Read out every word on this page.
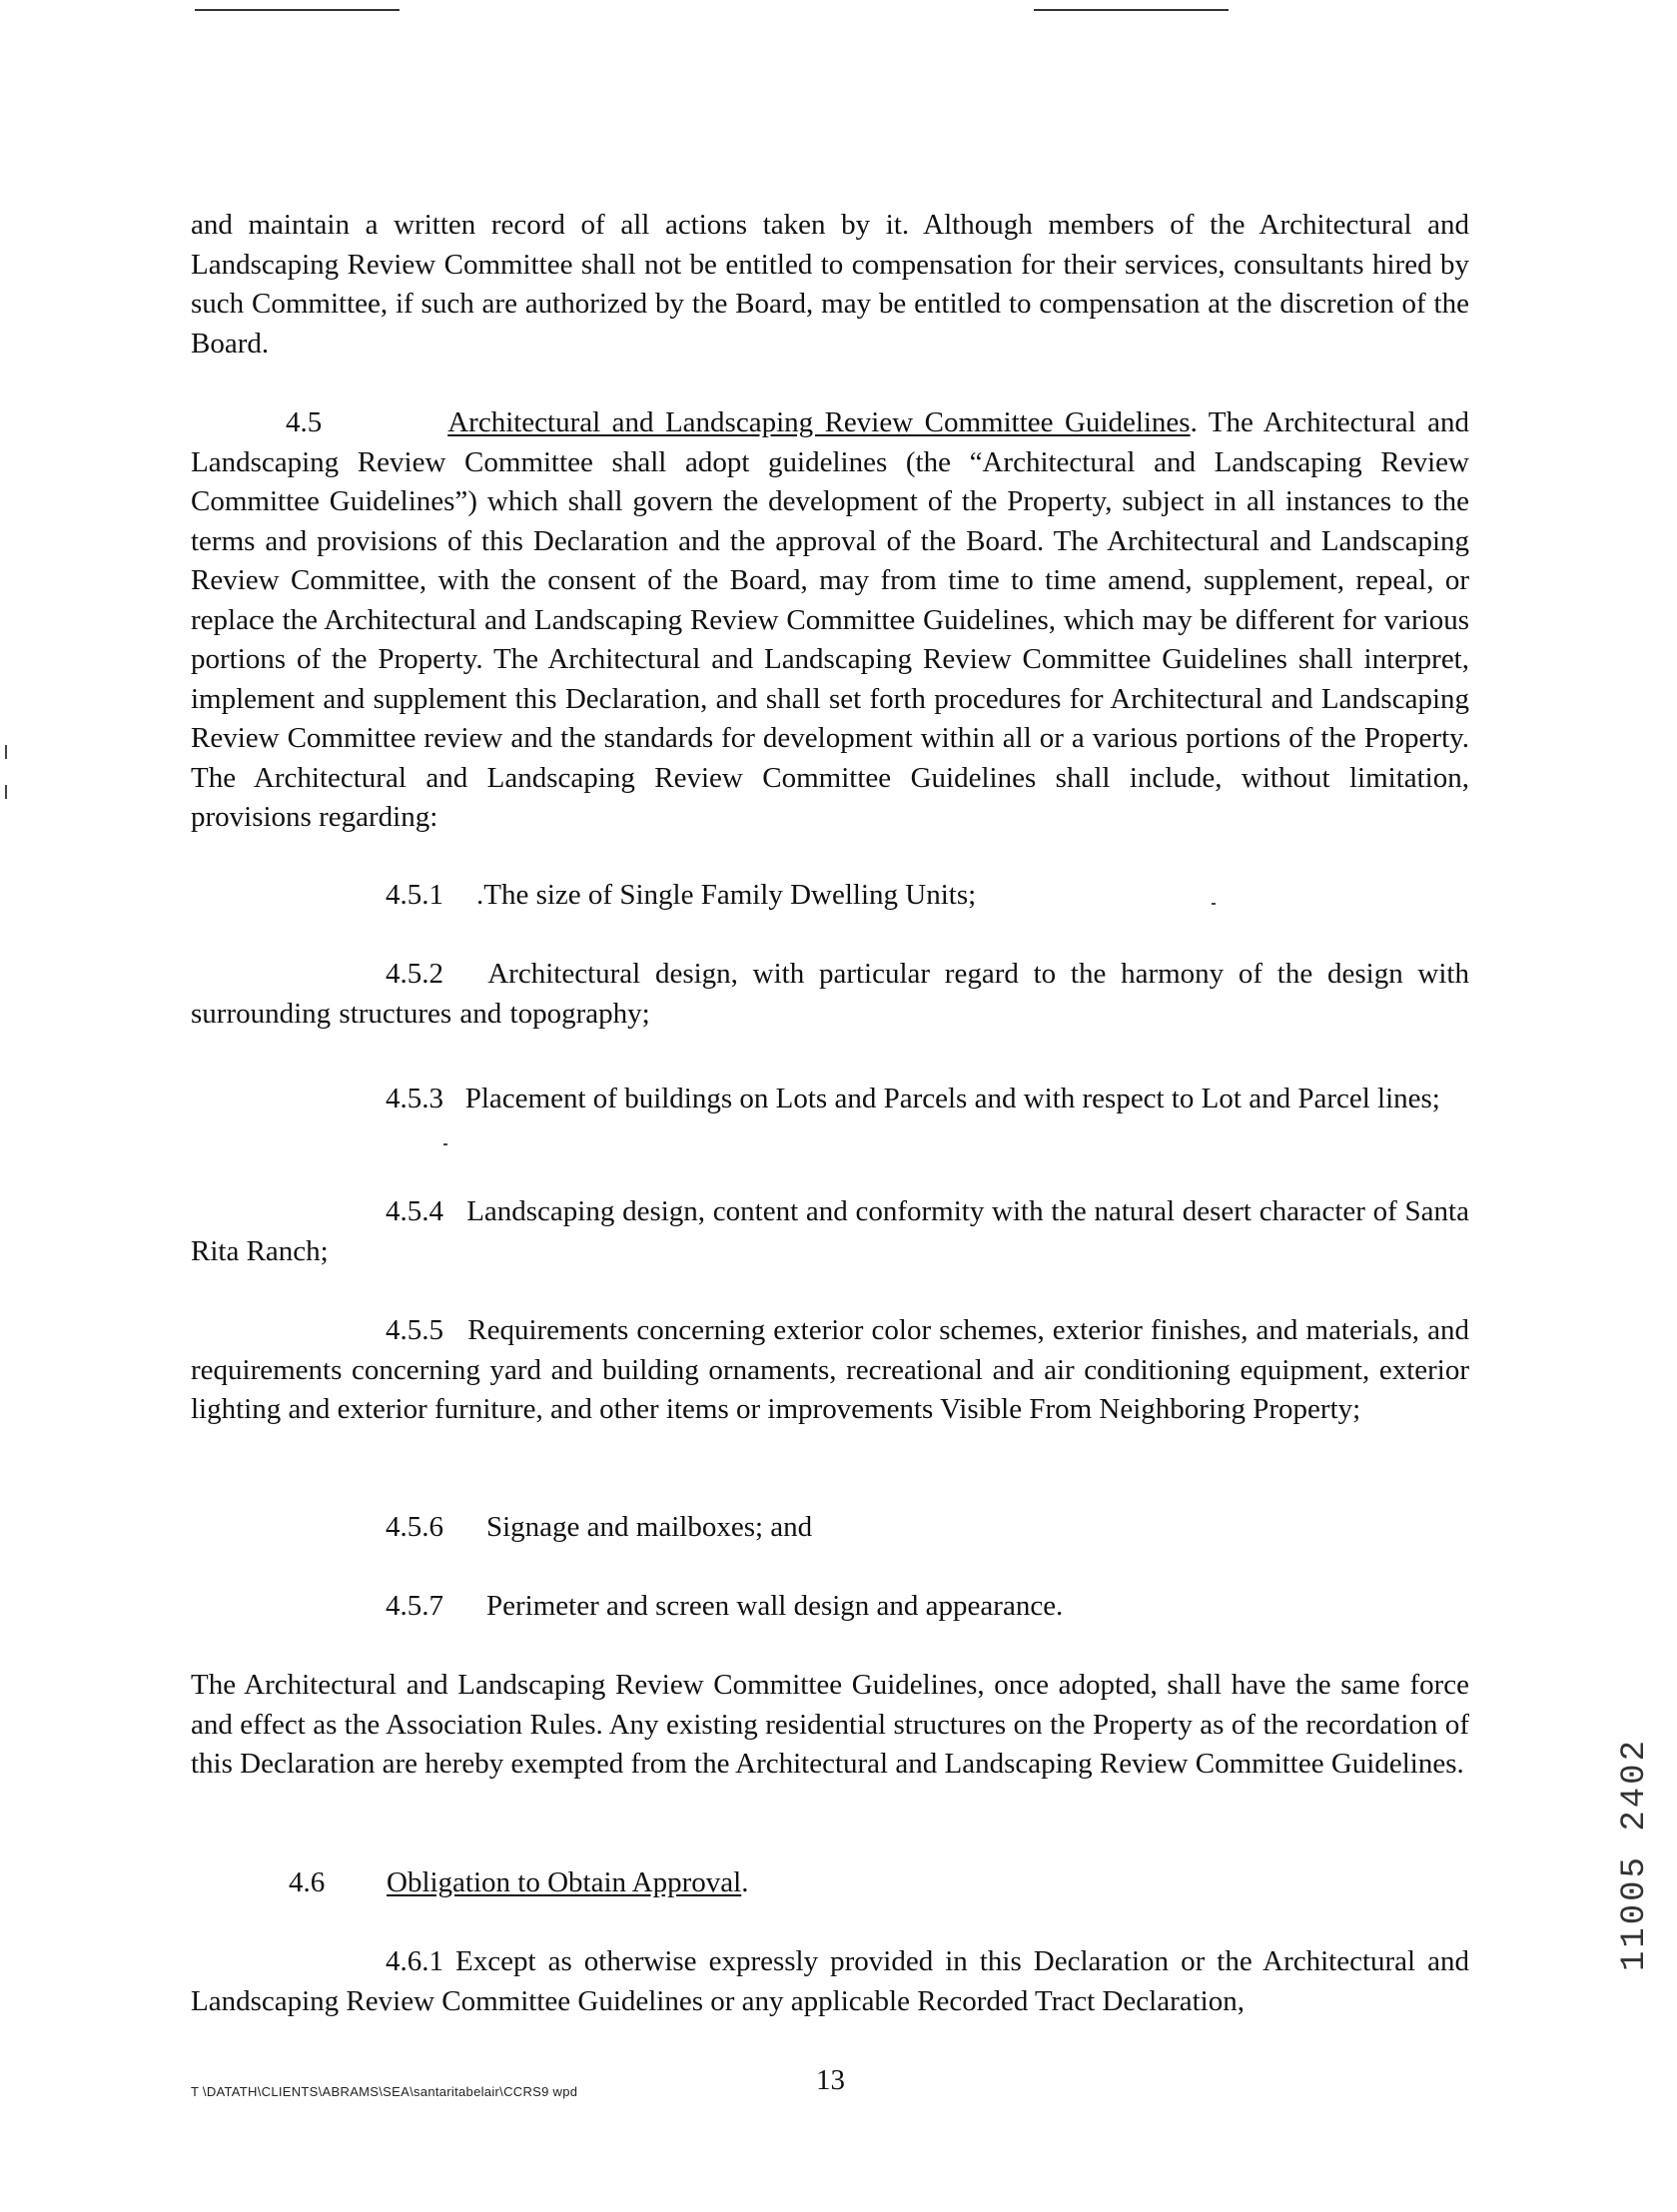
and maintain a written record of all actions taken by it. Although members of the Architectural and Landscaping Review Committee shall not be entitled to compensation for their services, consultants hired by such Committee, if such are authorized by the Board, may be entitled to compensation at the discretion of the Board.

4.5	Architectural and Landscaping Review Committee Guidelines. The Architectural and Landscaping Review Committee shall adopt guidelines (the “Architectural and Landscaping Review Committee Guidelines”) which shall govern the development of the Property, subject in all instances to the terms and provisions of this Declaration and the approval of the Board. The Architectural and Landscaping Review Committee, with the consent of the Board, may from time to time amend, supplement, repeal, or replace the Architectural and Landscaping Review Committee Guidelines, which may be different for various portions of the Property. The Architectural and Landscaping Review Committee Guidelines shall interpret, implement and supplement this Declaration, and shall set forth procedures for Architectural and Landscaping Review Committee review and the standards for development within all or a various portions of the Property. The Architectural and Landscaping Review Committee Guidelines shall include, without limitation, provisions regarding:

4.5.1 .The size of Single Family Dwelling Units;

4.5.2 Architectural design, with particular regard to the harmony of the design with surrounding structures and topography;

4.5.3 Placement of buildings on Lots and Parcels and with respect to Lot and Parcel lines;

4.5.4 Landscaping design, content and conformity with the natural desert character of Santa Rita Ranch;

4.5.5 Requirements concerning exterior color schemes, exterior finishes, and materials, and requirements concerning yard and building ornaments, recreational and air conditioning equipment, exterior lighting and exterior furniture, and other items or improvements Visible From Neighboring Property;

4.5.6 Signage and mailboxes; and
4.5.7 Perimeter and screen wall design and appearance.

The Architectural and Landscaping Review Committee Guidelines, once adopted, shall have the same force and effect as the Association Rules. Any existing residential structures on the Property as of the recordation of this Declaration are hereby exempted from the Architectural and Landscaping Review Committee Guidelines.

4.6 Obligation to Obtain Approval.

4.6.1 Except as otherwise expressly provided in this Declaration or the Architectural and Landscaping Review Committee Guidelines or any applicable Recorded Tract Declaration,

T \DATATH\CLIENTS\ABRAMS\SEA\santaritabelair\CCRS9 wpd	13
11005 2402
